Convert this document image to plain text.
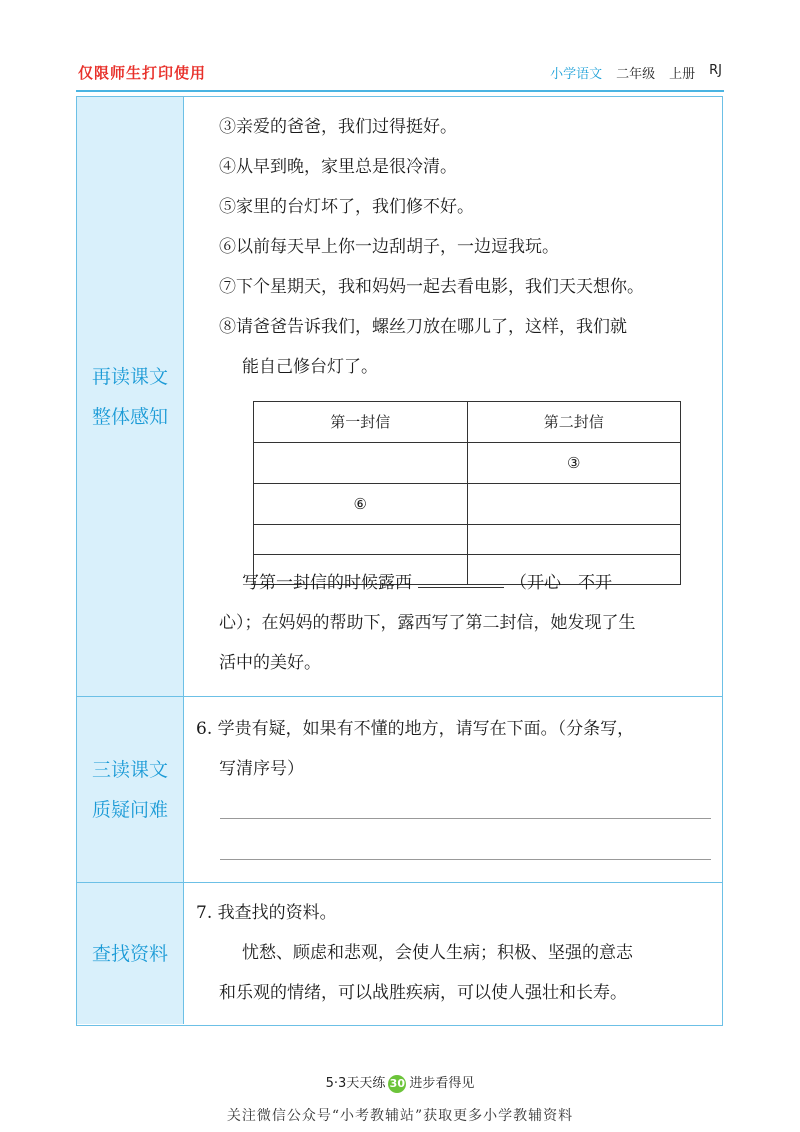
仅限师生打印使用	小学语文 二年级 上册 RJ
再读课文
整体感知
③亲爱的爸爸，我们过得挺好。
④从早到晚，家里总是很冷清。
⑤家里的台灯坏了，我们修不好。
⑥以前每天早上你一边刮胡子，一边逗我玩。
⑦下个星期天，我和妈妈一起去看电影，我们天天想你。
⑧请爸爸告诉我们，螺丝刀放在哪儿了，这样，我们就
能自己修台灯了。
第一封信	第二封信
	③
⑥	

写第一封信的时候露西	（开心　不开
心）；在妈妈的帮助下，露西写了第二封信，她发现了生
活中的美好。
三读课文
质疑问难
6. 学贵有疑，如果有不懂的地方，请写在下面。（分条写，
写清序号）
查找资料
7. 我查找的资料。
忧愁、顾虑和悲观，会使人生病；积极、坚强的意志
和乐观的情绪，可以战胜疾病，可以使人强壮和长寿。
5·3天天练 30 进步看得见
关注微信公众号“小考教辅站”获取更多小学教辅资料
